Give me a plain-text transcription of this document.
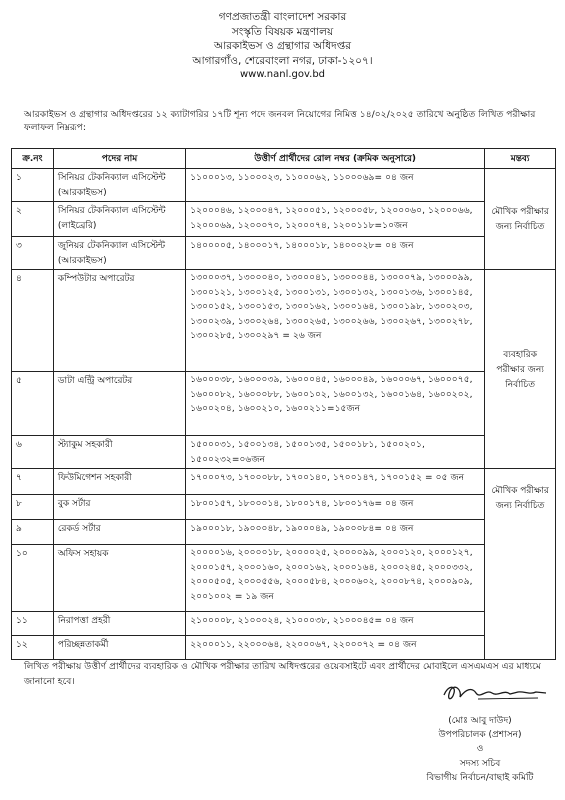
গণপ্রজাতন্ত্রী বাংলাদেশ সরকার
সংস্কৃতি বিষয়ক মন্ত্রণালয়
আরকাইভস ও গ্রন্থাগার অধিদপ্তর
আগারগাঁও, শেরেবাংলা নগর, ঢাকা-১২০৭।
www.nanl.gov.bd
আরকাইভস ও গ্রন্থাগার অধিদপ্তরের ১২ ক্যাটাগরির ১৭টি শূন্য পদে জনবল নিয়োগের নিমিত্ত ১৪/০২/২০২৫ তারিখে অনুষ্ঠিত লিখিত পরীক্ষার ফলাফল নিম্নরূপ:
ক্র.নং	পদের নাম	উত্তীর্ণ প্রার্থীদের রোল নম্বর (ক্রমিক অনুসারে)	মন্তব্য
১	সিনিয়র টেকনিক্যাল এসিস্টেন্ট (আরকাইভস)	১১০০০১৩, ১১০০০২৩, ১১০০০৬২, ১১০০০৬৯= ০৪ জন	মৌখিক পরীক্ষার জন্য নির্বাচিত
২	সিনিয়র টেকনিক্যাল এসিস্টেন্ট (লাইব্রেরি)	১২০০০৪৬, ১২০০০৪৭, ১২০০০৫১, ১২০০০৫৮, ১২০০০৬০, ১২০০০৬৬, ১২০০০৬৯, ১২০০০৭০, ১২০০০৭৪, ১২০০১১৮=১০জন	
৩	জুনিয়র টেকনিক্যাল এসিস্টেন্ট (আরকাইভস)	১৪০০০০৫, ১৪০০০১৭, ১৪০০০১৮, ১৪০০০২৮= ০৪ জন	
৪	কম্পিউটার অপারেটর	১৩০০০৩৭, ১৩০০০৪০, ১৩০০০৪১, ১৩০০০৪৪, ১৩০০০৭৯, ১৩০০০৯৯, ১৩০০১২১, ১৩০০১২৫, ১৩০০১৩১, ১৩০০১৩২, ১৩০০১৩৬, ১৩০০১৪৫, ১৩০০১৫২, ১৩০০১৫৩, ১৩০০১৬২, ১৩০০১৬৪, ১৩০০১৯৮, ১৩০০২০৩, ১৩০০২৩৯, ১৩০০২৬৪, ১৩০০২৬৫, ১৩০০২৬৬, ১৩০০২৬৭, ১৩০০২৭৮, ১৩০০২৮৫, ১৩০০২৯৭ = ২৬ জন	ব্যবহারিক পরীক্ষার জন্য নির্বাচিত
৫	ডাটা এন্ট্রি অপারেটর	১৬০০০৩৮, ১৬০০০৩৯, ১৬০০০৪৫, ১৬০০০৪৯, ১৬০০০৬৭, ১৬০০০৭৫, ১৬০০০৮২, ১৬০০০৮৮, ১৬০০১০২, ১৬০০১৩২, ১৬০০১৬৪, ১৬০০২০২, ১৬০০২০৪, ১৬০০২১০, ১৬০০২১১=১৫জন	
৬	স্ট্যাকুম সহকারী	১৫০০০৩১, ১৫০০১৩৪, ১৫০০১৩৫, ১৫০০১৮১, ১৫০০২০১, ১৫০০২৩২=০৬জন	
৭	ফিউমিগেশন সহকারী	১৭০০০৭৩, ১৭০০০৮৮, ১৭০০১৪০, ১৭০০১৪৭, ১৭০০১৫২ = ০৫ জন	মৌখিক পরীক্ষার জন্য নির্বাচিত
৮	বুক সর্টার	১৮০০১৫৭, ১৮০০০১৪, ১৮০০১৭৪, ১৮০০১৭৬= ০৪ জন	
৯	রেকর্ড সর্টার	১৯০০০১৮, ১৯০০০৪৮, ১৯০০০৪৯, ১৯০০০৮৪= ০৪ জন	
১০	অফিস সহায়ক	২০০০০১৬, ২০০০০১৮, ২০০০০২৫, ২০০০০৯৯, ২০০০১২০, ২০০০১২৭, ২০০০১৫৭, ২০০০১৬০, ২০০০১৬২, ২০০০১৬৪, ২০০০২৪৫, ২০০০৩৩২, ২০০০৫০৫, ২০০০৫৫৬, ২০০০৫৮৪, ২০০০৬০২, ২০০০৮৭৪, ২০০০৯০৯, ২০০১০০২ = ১৯ জন	
১১	নিরাপত্তা প্রহরী	২১০০০০৮, ২১০০০২৪, ২১০০০৩৮, ২১০০০৪৫= ০৪ জন	
১২	পরিচ্ছন্নতাকর্মী	২২০০০১১, ২২০০০৬৪, ২২০০০৬৭, ২২০০০৭২ = ০৪ জন	
লিখিত পরীক্ষায় উত্তীর্ণ প্রার্থীদের ব্যবহারিক ও মৌখিক পরীক্ষার তারিখ অধিদপ্তরের ওয়েবসাইটে এবং প্রার্থীদের মোবাইলে এসএমএস এর মাধ্যমে জানানো হবে।
(মোঃ আবু দাউদ)
উপপরিচালক (প্রশাসন)
ও
সদস্য সচিব
বিভাগীয় নির্বাচন/বাছাই কমিটি
